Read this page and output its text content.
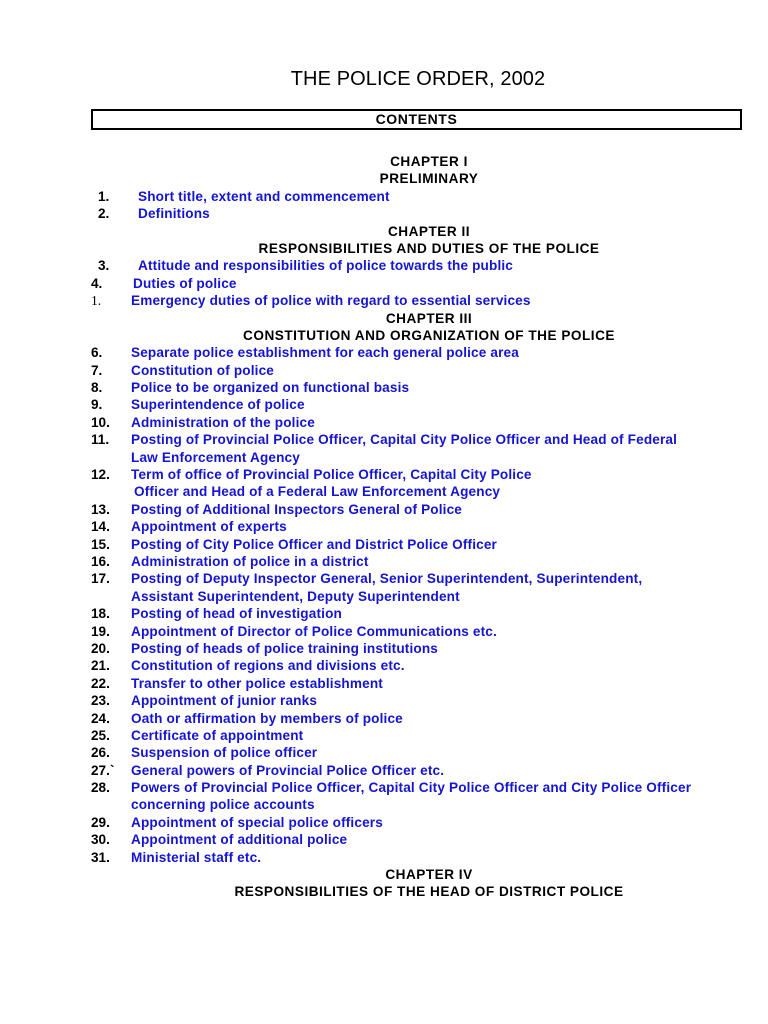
THE POLICE ORDER, 2002
CONTENTS
CHAPTER I
PRELIMINARY
1. Short title, extent and commencement
2. Definitions
CHAPTER II
RESPONSIBILITIES AND DUTIES OF THE POLICE
3. Attitude and responsibilities of police towards the public
4. Duties of police
1. Emergency duties of police with regard to essential services
CHAPTER III
CONSTITUTION AND ORGANIZATION OF THE POLICE
6. Separate police establishment for each general police area
7. Constitution of police
8. Police to be organized on functional basis
9. Superintendence of police
10. Administration of the police
11. Posting of Provincial Police Officer, Capital City Police Officer and Head of Federal
Law Enforcement Agency
12. Term of office of Provincial Police Officer, Capital City Police
Officer and Head of a Federal Law Enforcement Agency
13. Posting of Additional Inspectors General of Police
14. Appointment of experts
15. Posting of City Police Officer and District Police Officer
16. Administration of police in a district
17. Posting of Deputy Inspector General, Senior Superintendent, Superintendent,
Assistant Superintendent, Deputy Superintendent
18. Posting of head of investigation
19. Appointment of Director of Police Communications etc.
20. Posting of heads of police training institutions
21. Constitution of regions and divisions etc.
22. Transfer to other police establishment
23. Appointment of junior ranks
24. Oath or affirmation by members of police
25. Certificate of appointment
26. Suspension of police officer
27.` General powers of Provincial Police Officer etc.
28. Powers of Provincial Police Officer, Capital City Police Officer and City Police Officer
concerning police accounts
29. Appointment of special police officers
30. Appointment of additional police
31. Ministerial staff etc.
CHAPTER IV
RESPONSIBILITIES OF THE HEAD OF DISTRICT POLICE
